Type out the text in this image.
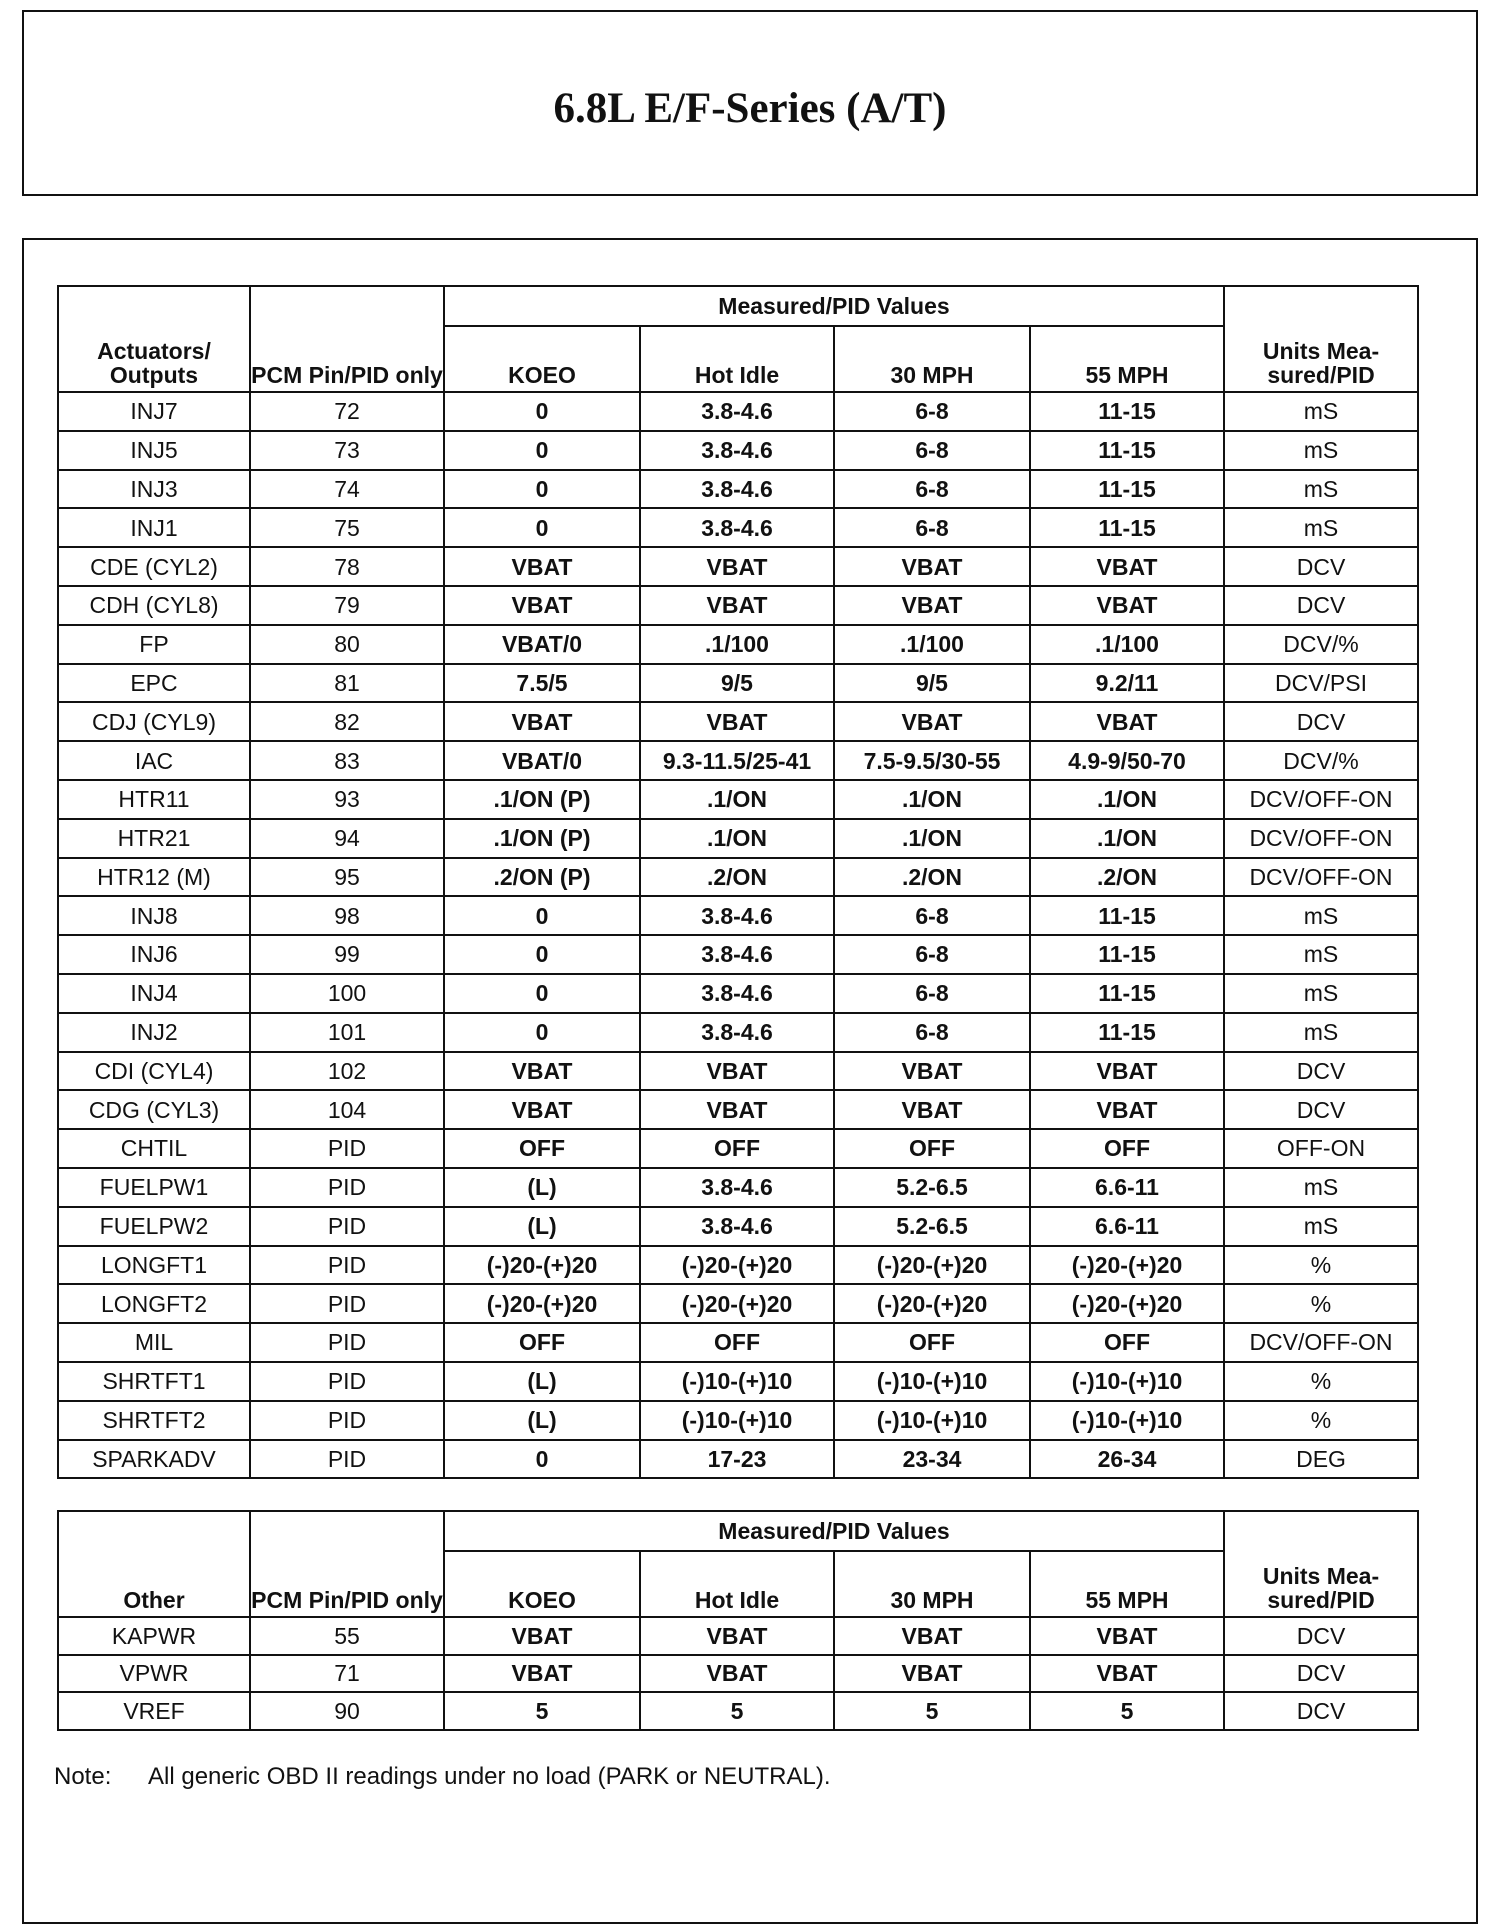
6.8L E/F-Series (A/T)
Actuators/ Outputs	PCM Pin/PID only	Measured/PID Values				Units Mea- sured/PID
		KOEO	Hot Idle	30 MPH	55 MPH	
INJ7	72	0	3.8-4.6	6-8	11-15	mS
INJ5	73	0	3.8-4.6	6-8	11-15	mS
INJ3	74	0	3.8-4.6	6-8	11-15	mS
INJ1	75	0	3.8-4.6	6-8	11-15	mS
CDE (CYL2)	78	VBAT	VBAT	VBAT	VBAT	DCV
CDH (CYL8)	79	VBAT	VBAT	VBAT	VBAT	DCV
FP	80	VBAT/0	.1/100	.1/100	.1/100	DCV/%
EPC	81	7.5/5	9/5	9/5	9.2/11	DCV/PSI
CDJ (CYL9)	82	VBAT	VBAT	VBAT	VBAT	DCV
IAC	83	VBAT/0	9.3-11.5/25-41	7.5-9.5/30-55	4.9-9/50-70	DCV/%
HTR11	93	.1/ON (P)	.1/ON	.1/ON	.1/ON	DCV/OFF-ON
HTR21	94	.1/ON (P)	.1/ON	.1/ON	.1/ON	DCV/OFF-ON
HTR12 (M)	95	.2/ON (P)	.2/ON	.2/ON	.2/ON	DCV/OFF-ON
INJ8	98	0	3.8-4.6	6-8	11-15	mS
INJ6	99	0	3.8-4.6	6-8	11-15	mS
INJ4	100	0	3.8-4.6	6-8	11-15	mS
INJ2	101	0	3.8-4.6	6-8	11-15	mS
CDI (CYL4)	102	VBAT	VBAT	VBAT	VBAT	DCV
CDG (CYL3)	104	VBAT	VBAT	VBAT	VBAT	DCV
CHTIL	PID	OFF	OFF	OFF	OFF	OFF-ON
FUELPW1	PID	(L)	3.8-4.6	5.2-6.5	6.6-11	mS
FUELPW2	PID	(L)	3.8-4.6	5.2-6.5	6.6-11	mS
LONGFT1	PID	(-)20-(+)20	(-)20-(+)20	(-)20-(+)20	(-)20-(+)20	%
LONGFT2	PID	(-)20-(+)20	(-)20-(+)20	(-)20-(+)20	(-)20-(+)20	%
MIL	PID	OFF	OFF	OFF	OFF	DCV/OFF-ON
SHRTFT1	PID	(L)	(-)10-(+)10	(-)10-(+)10	(-)10-(+)10	%
SHRTFT2	PID	(L)	(-)10-(+)10	(-)10-(+)10	(-)10-(+)10	%
SPARKADV	PID	0	17-23	23-34	26-34	DEG
Other	PCM Pin/PID only	Measured/PID Values				Units Mea- sured/PID
		KOEO	Hot Idle	30 MPH	55 MPH	
KAPWR	55	VBAT	VBAT	VBAT	VBAT	DCV
VPWR	71	VBAT	VBAT	VBAT	VBAT	DCV
VREF	90	5	5	5	5	DCV
Note: All generic OBD II readings under no load (PARK or NEUTRAL).
